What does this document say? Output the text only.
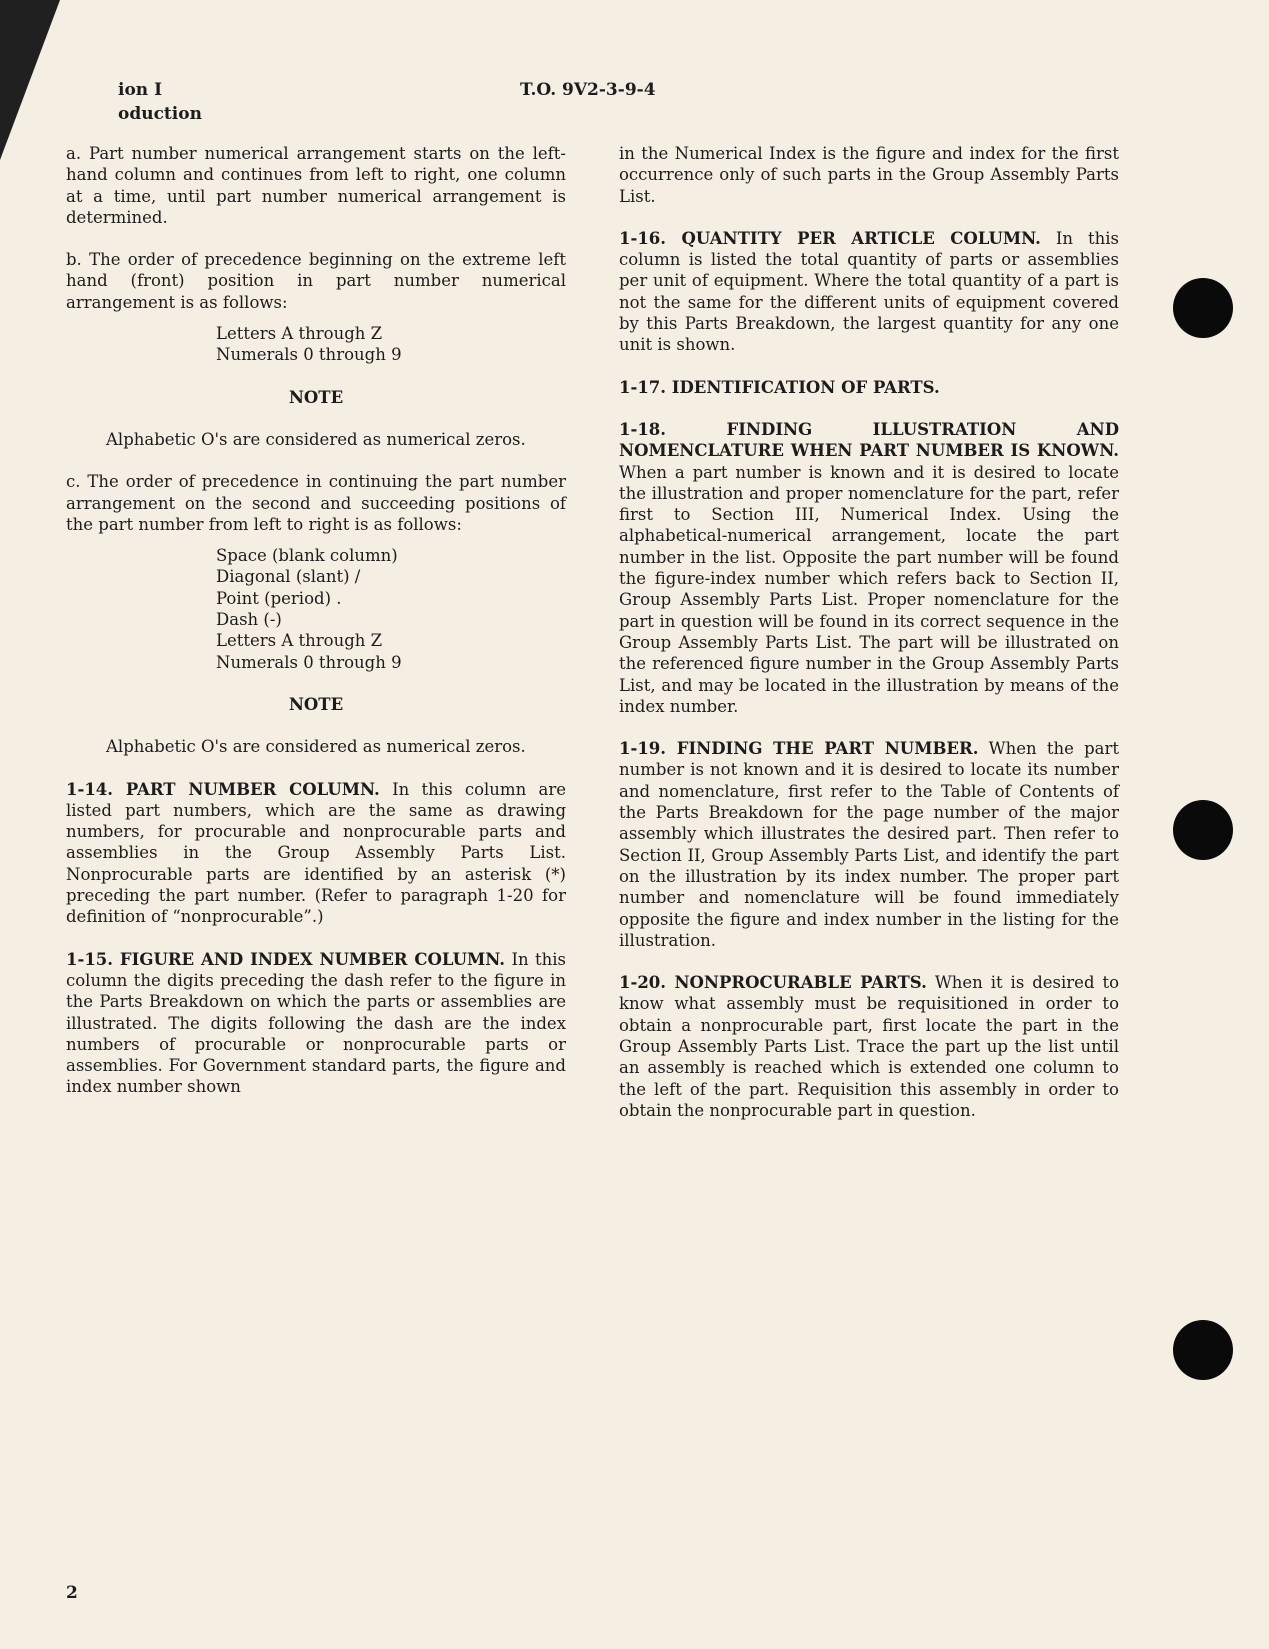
ion I
oduction
T.O. 9V2-3-9-4

a. Part number numerical arrangement starts on the left-hand column and continues from left to right, one column at a time, until part number numerical arrangement is determined.

b. The order of precedence beginning on the extreme left hand (front) position in part number numerical arrangement is as follows:

Letters A through Z
Numerals 0 through 9
NOTE
Alphabetic O's are considered as numerical zeros.

c. The order of precedence in continuing the part number arrangement on the second and succeeding positions of the part number from left to right is as follows:

Space (blank column)
Diagonal (slant) /
Point (period) .
Dash (-)
Letters A through Z
Numerals 0 through 9
NOTE
Alphabetic O's are considered as numerical zeros.

1-14. PART NUMBER COLUMN. In this column are listed part numbers, which are the same as drawing numbers, for procurable and nonprocurable parts and assemblies in the Group Assembly Parts List. Nonprocurable parts are identified by an asterisk (*) preceding the part number. (Refer to paragraph 1-20 for definition of “nonprocurable”.)

1-15. FIGURE AND INDEX NUMBER COLUMN. In this column the digits preceding the dash refer to the figure in the Parts Breakdown on which the parts or assemblies are illustrated. The digits following the dash are the index numbers of procurable or nonprocurable parts or assemblies. For Government standard parts, the figure and index number shown

in the Numerical Index is the figure and index for the first occurrence only of such parts in the Group Assembly Parts List.

1-16. QUANTITY PER ARTICLE COLUMN. In this column is listed the total quantity of parts or assemblies per unit of equipment. Where the total quantity of a part is not the same for the different units of equipment covered by this Parts Breakdown, the largest quantity for any one unit is shown.

1-17. IDENTIFICATION OF PARTS.

1-18. FINDING ILLUSTRATION AND NOMENCLATURE WHEN PART NUMBER IS KNOWN. When a part number is known and it is desired to locate the illustration and proper nomenclature for the part, refer first to Section III, Numerical Index. Using the alphabetical-numerical arrangement, locate the part number in the list. Opposite the part number will be found the figure-index number which refers back to Section II, Group Assembly Parts List. Proper nomenclature for the part in question will be found in its correct sequence in the Group Assembly Parts List. The part will be illustrated on the referenced figure number in the Group Assembly Parts List, and may be located in the illustration by means of the index number.

1-19. FINDING THE PART NUMBER. When the part number is not known and it is desired to locate its number and nomenclature, first refer to the Table of Contents of the Parts Breakdown for the page number of the major assembly which illustrates the desired part. Then refer to Section II, Group Assembly Parts List, and identify the part on the illustration by its index number. The proper part number and nomenclature will be found immediately opposite the figure and index number in the listing for the illustration.

1-20. NONPROCURABLE PARTS. When it is desired to know what assembly must be requisitioned in order to obtain a nonprocurable part, first locate the part in the Group Assembly Parts List. Trace the part up the list until an assembly is reached which is extended one column to the left of the part. Requisition this assembly in order to obtain the nonprocurable part in question.

2
